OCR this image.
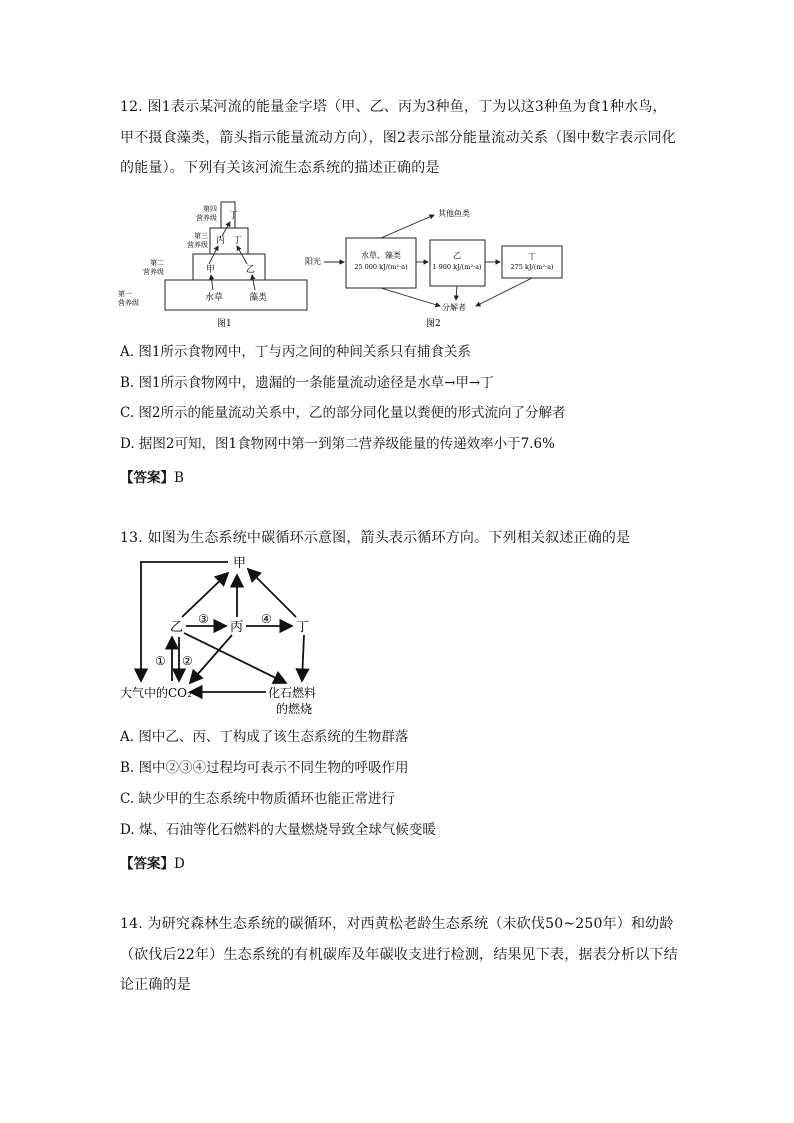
12. 图1表示某河流的能量金字塔（甲、乙、丙为3种鱼，丁为以这3种鱼为食1种水鸟，甲不摄食藻类，箭头指示能量流动方向），图2表示部分能量流动关系（图中数字表示同化的能量）。下列有关该河流生态系统的描述正确的是

第一
营养级
第二
营养级
第三
营养级
第四
营养级
水草	藻类
甲	乙
丙 丁
丁
图1
阳光
水草、藻类
25 000 kJ/(m²·a)
乙
1 900 kJ/(m²·a)
丁
275 kJ/(m²·a)
其他鱼类
分解者
图2
A. 图1所示食物网中，丁与丙之间的种间关系只有捕食关系
B. 图1所示食物网中，遗漏的一条能量流动途径是水草→甲→丁
C. 图2所示的能量流动关系中，乙的部分同化量以粪便的形式流向了分解者
D. 据图2可知，图1食物网中第一到第二营养级能量的传递效率小于7.6%
【答案】B

13. 如图为生态系统中碳循环示意图，箭头表示循环方向。下列相关叙述正确的是

甲
乙	丙	丁
大气中的CO₂	化石燃料
的燃烧
③	④
① ②
A. 图中乙、丙、丁构成了该生态系统的生物群落
B. 图中②③④过程均可表示不同生物的呼吸作用
C. 缺少甲的生态系统中物质循环也能正常进行
D. 煤、石油等化石燃料的大量燃烧导致全球气候变暖
【答案】D

14. 为研究森林生态系统的碳循环，对西黄松老龄生态系统（未砍伐50~250年）和幼龄（砍伐后22年）生态系统的有机碳库及年碳收支进行检测，结果见下表，据表分析以下结论正确的是
